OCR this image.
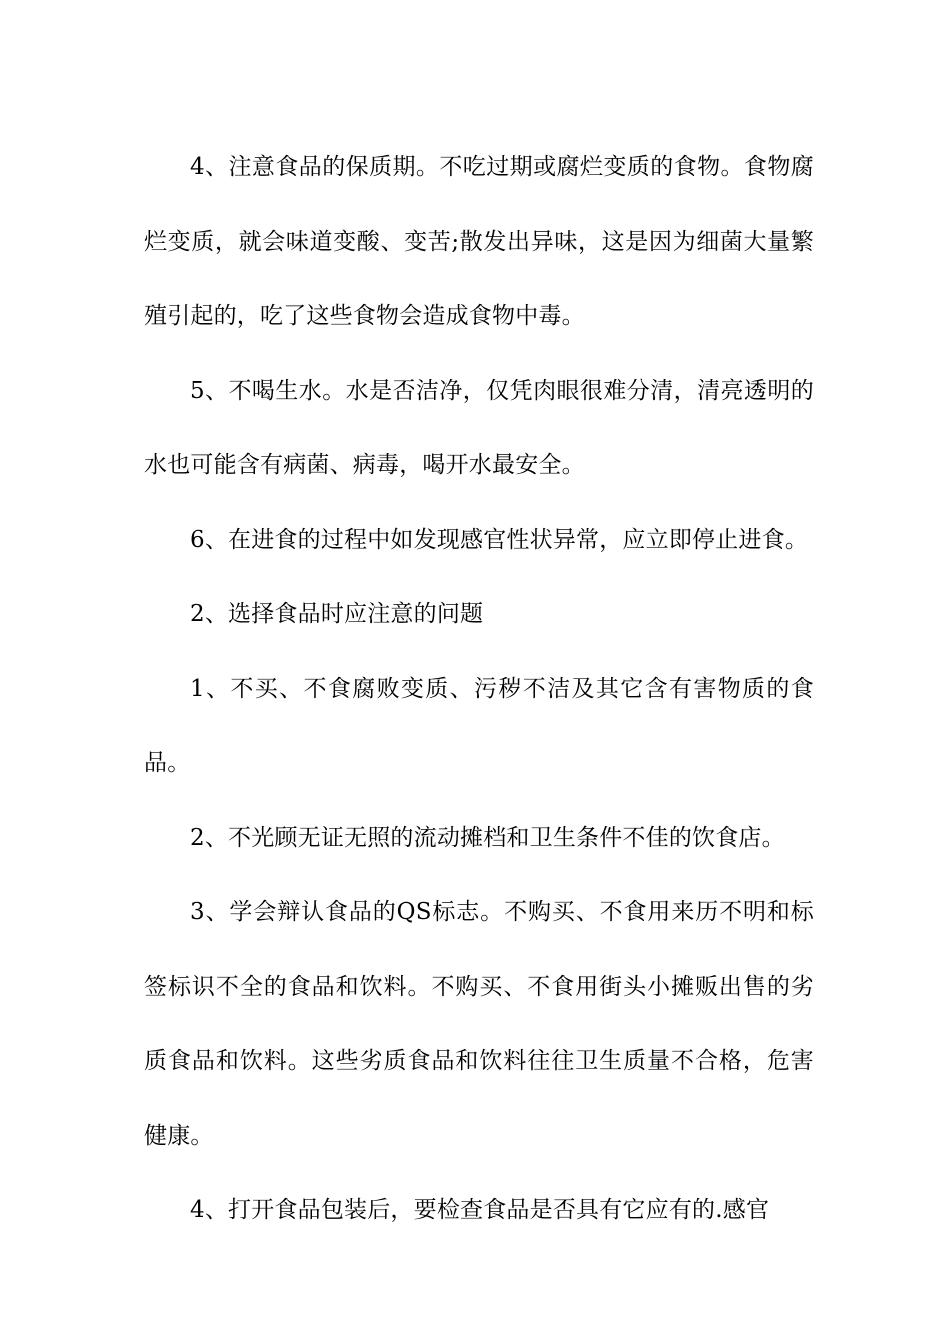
4、注意食品的保质期。不吃过期或腐烂变质的食物。食物腐烂变质，就会味道变酸、变苦;散发出异味，这是因为细菌大量繁殖引起的，吃了这些食物会造成食物中毒。

5、不喝生水。水是否洁净，仅凭肉眼很难分清，清亮透明的水也可能含有病菌、病毒，喝开水最安全。

6、在进食的过程中如发现感官性状异常，应立即停止进食。

2、选择食品时应注意的问题

1、不买、不食腐败变质、污秽不洁及其它含有害物质的食品。

2、不光顾无证无照的流动摊档和卫生条件不佳的饮食店。

3、学会辩认食品的QS标志。不购买、不食用来历不明和标签标识不全的食品和饮料。不购买、不食用街头小摊贩出售的劣质食品和饮料。这些劣质食品和饮料往往卫生质量不合格，危害健康。

4、打开食品包装后，要检查食品是否具有它应有的.感官
